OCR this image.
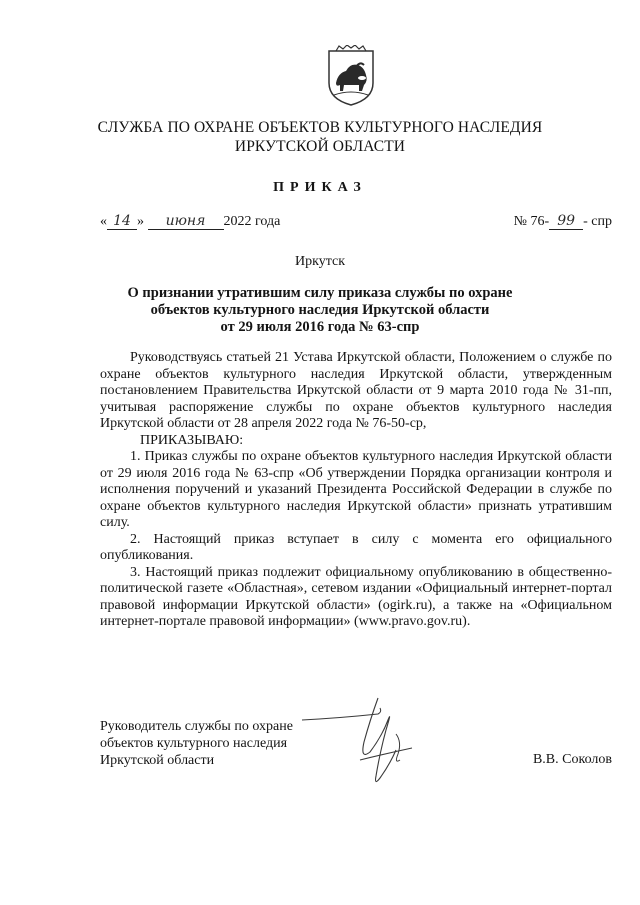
СЛУЖБА ПО ОХРАНЕ ОБЪЕКТОВ КУЛЬТУРНОГО НАСЛЕДИЯ
ИРКУТСКОЙ ОБЛАСТИ
ПРИКАЗ
« 14 » июня 2022 года	№ 76- 99 - спр
Иркутск
О признании утратившим силу приказа службы по охране
объектов культурного наследия Иркутской области
от 29 июля 2016 года № 63-спр

Руководствуясь статьей 21 Устава Иркутской области, Положением о службе по охране объектов культурного наследия Иркутской области, утвержденным постановлением Правительства Иркутской области от 9 марта 2010 года № 31-пп, учитывая распоряжение службы по охране объектов культурного наследия Иркутской области от 28 апреля 2022 года № 76-50-ср,

ПРИКАЗЫВАЮ:

1. Приказ службы по охране объектов культурного наследия Иркутской области от 29 июля 2016 года № 63-спр «Об утверждении Порядка организации контроля и исполнения поручений и указаний Президента Российской Федерации в службе по охране объектов культурного наследия Иркутской области» признать утратившим силу.

2. Настоящий приказ вступает в силу с момента его официального опубликования.

3. Настоящий приказ подлежит официальному опубликованию в общественно-политической газете «Областная», сетевом издании «Официальный интернет-портал правовой информации Иркутской области» (ogirk.ru), а также на «Официальном интернет-портале правовой информации» (www.pravo.gov.ru).

Руководитель службы по охране
объектов культурного наследия
Иркутской области	В.В. Соколов
